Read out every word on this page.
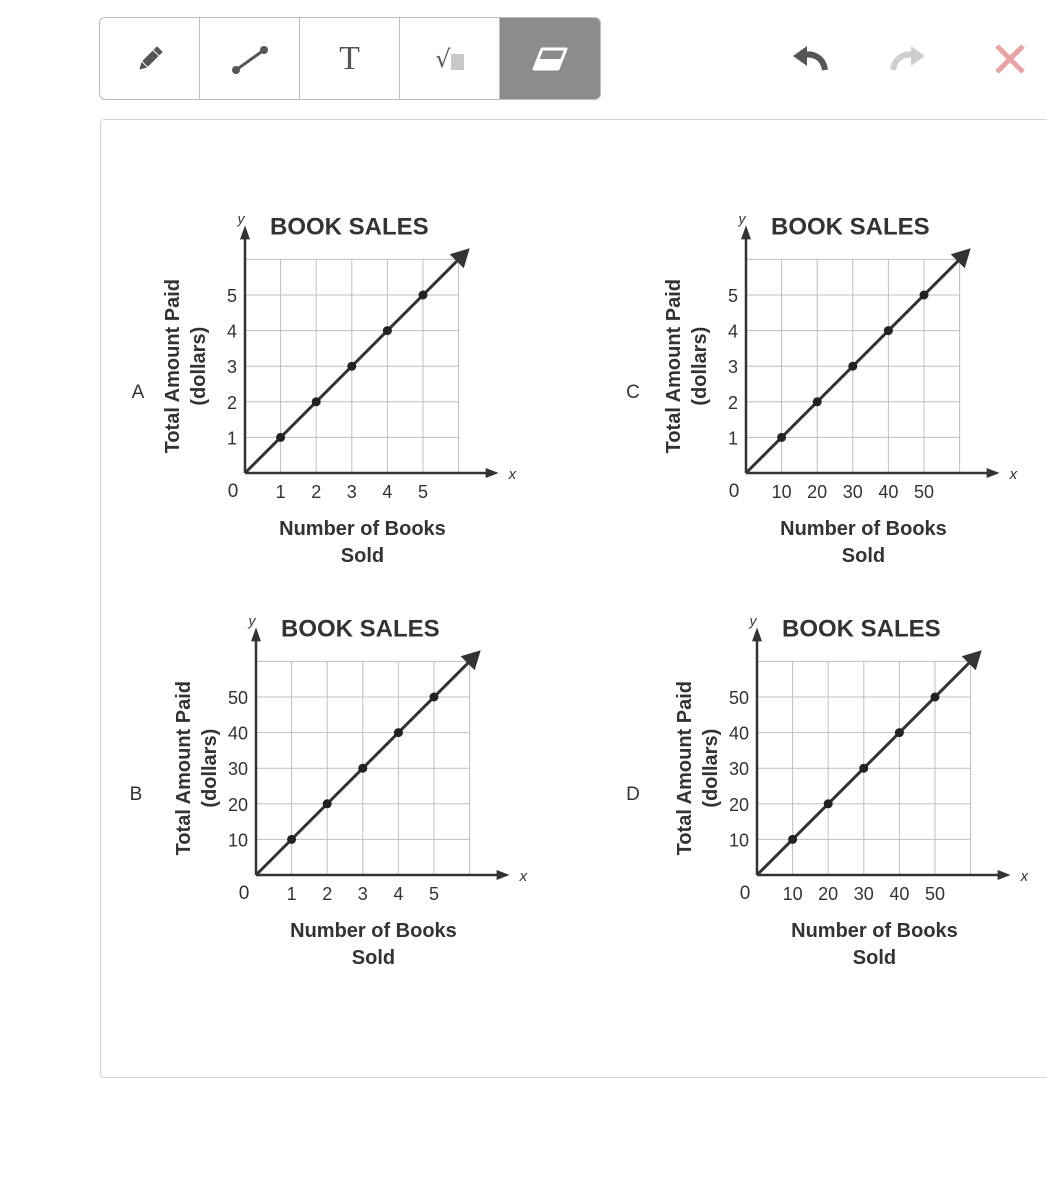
T	√
x
y BOOK SALES
0 1 2 3 4 5
1
2
3
4
5
Number of Books
Sold
Total Amount Paid (dollars)
A
x
y BOOK SALES
0 10 20 30 40 50
1
2
3
4
5
Number of Books
Sold
Total Amount Paid (dollars)
C
x
y BOOK SALES
0 1 2 3 4 5
10
20
30
40
50
Number of Books
Sold
Total Amount Paid (dollars)
B
x
y BOOK SALES
0 10 20 30 40 50
10
20
30
40
50
Number of Books
Sold
Total Amount Paid (dollars)
D
